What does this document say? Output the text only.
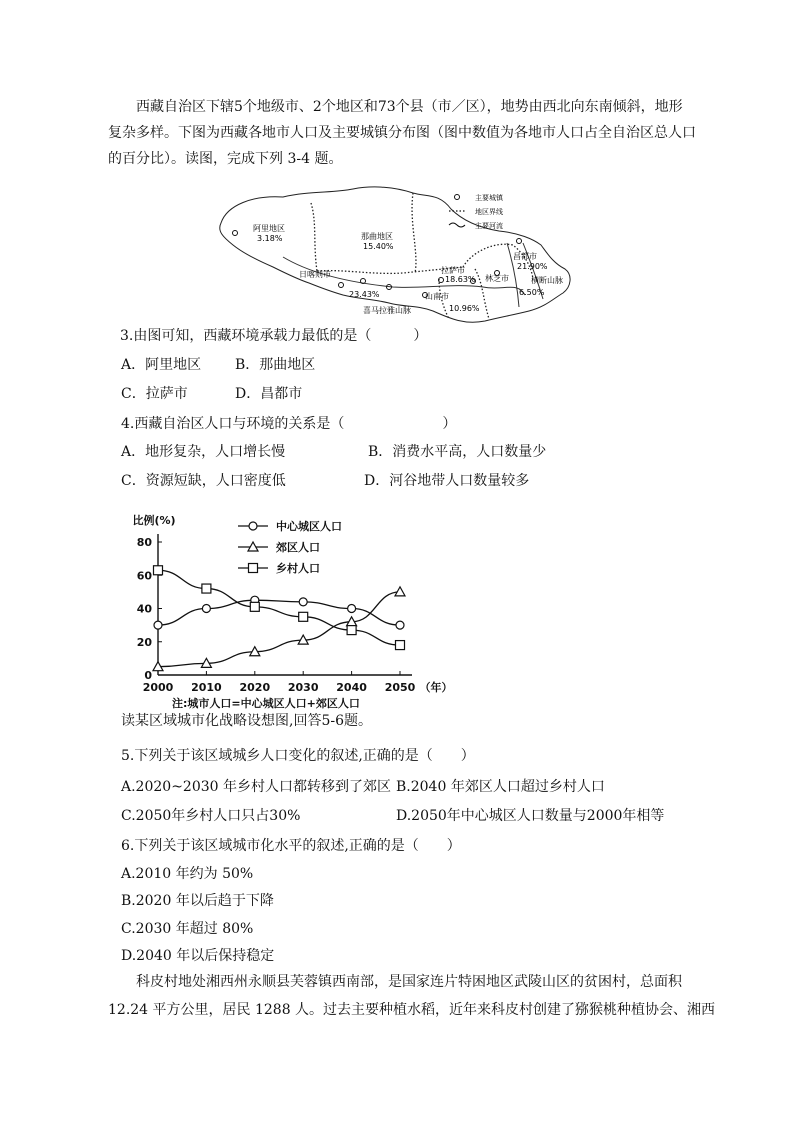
西藏自治区下辖5个地级市、2个地区和73个县（市／区），地势由西北向东南倾斜，地形
复杂多样。下图为西藏各地市人口及主要城镇分布图（图中数值为各地市人口占全自治区总人口
的百分比）。读图，完成下列 3-4 题。
主要城镇
地区界线
主要河流
阿里地区
3.18%	那曲地区
15.40%
昌都市
21.90%
拉萨市
18.63%
日喀则市
23.43%	山南市
10.96%
林芝市
6.50%
横断山脉
喜马拉雅山脉
3.由图可知，西藏环境承载力最低的是（　　　）
A．阿里地区 B．那曲地区
C．拉萨市	D．昌都市
4.西藏自治区人口与环境的关系是（　　　　　　　）
A．地形复杂，人口增长慢	B．消费水平高，人口数量少
C．资源短缺，人口密度低	D．河谷地带人口数量较多
0
20
40
60
80
2000 2010 2020 2030 2040 2050 （年）
比例(%)	中心城区人口
郊区人口
乡村人口
注:城市人口=中心城区人口+郊区人口
读某区域城市化战略设想图,回答5-6题。
5.下列关于该区域城乡人口变化的叙述,正确的是（　　）
A.2020~2030 年乡村人口都转移到了郊区 B.2040 年郊区人口超过乡村人口
C.2050年乡村人口只占30%	D.2050年中心城区人口数量与2000年相等
6.下列关于该区域城市化水平的叙述,正确的是（　　）
A.2010 年约为 50%
B.2020 年以后趋于下降
C.2030 年超过 80%
D.2040 年以后保持稳定
科皮村地处湘西州永顺县芙蓉镇西南部，是国家连片特困地区武陵山区的贫困村，总面积
12.24 平方公里，居民 1288 人。过去主要种植水稻，近年来科皮村创建了猕猴桃种植协会、湘西
